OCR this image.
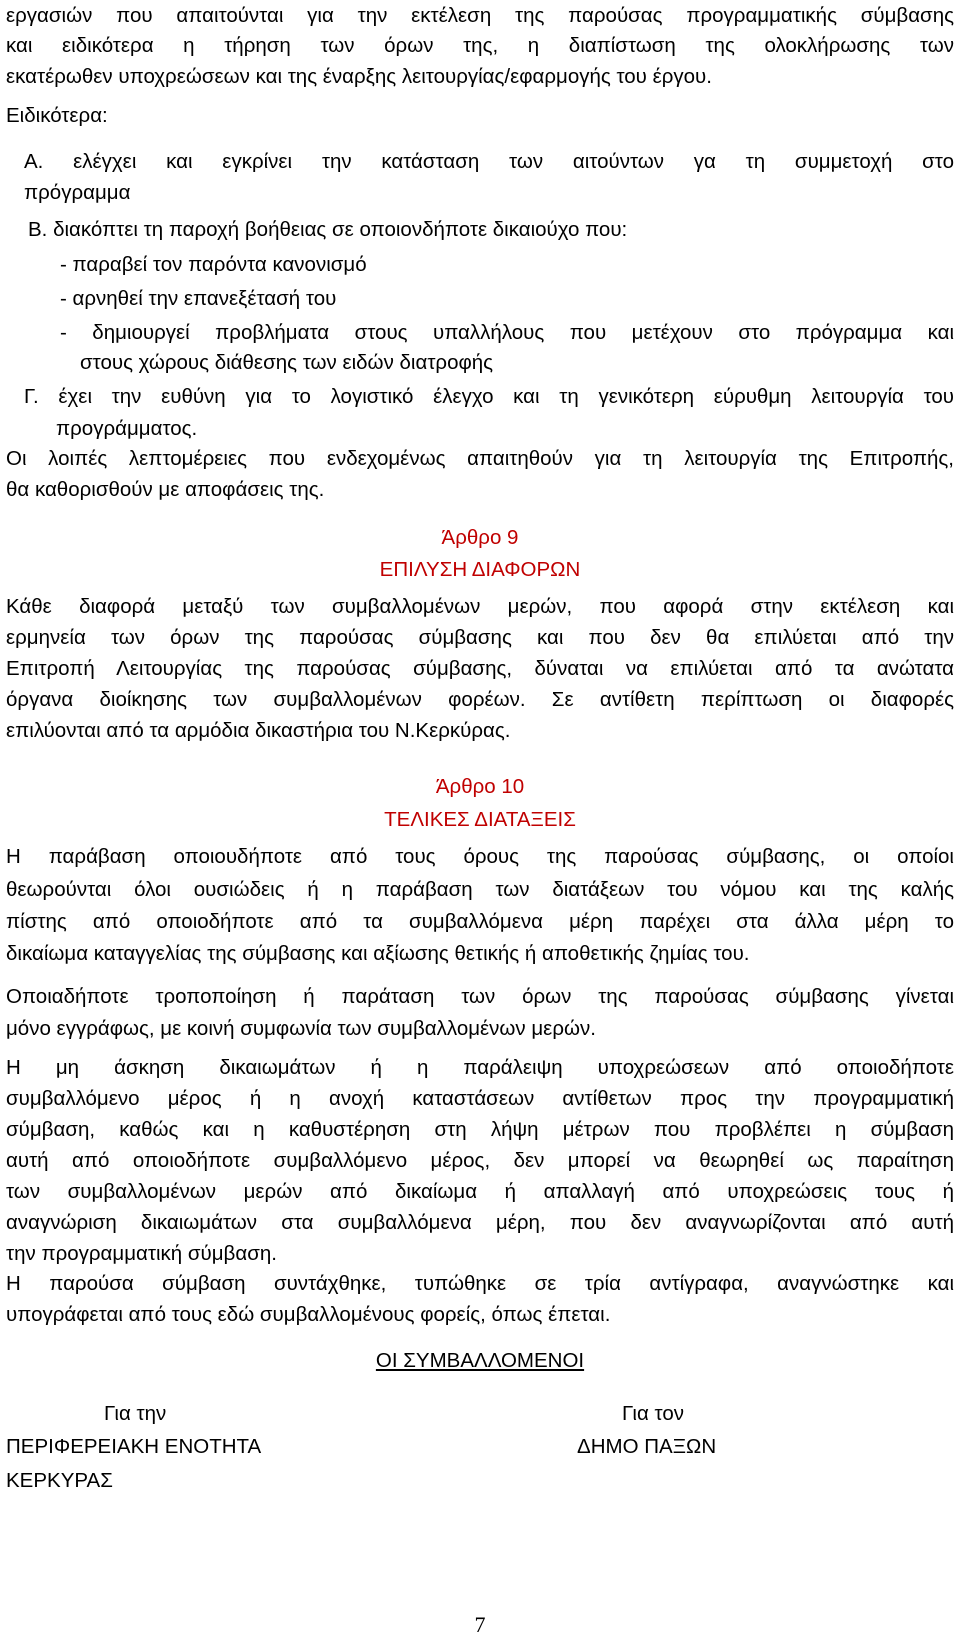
εργασιών που απαιτούνται για την εκτέλεση της παρούσας προγραμματικής σύμβασης
και ειδικότερα η τήρηση των όρων της, η διαπίστωση της ολοκλήρωσης των
εκατέρωθεν υποχρεώσεων και της έναρξης λειτουργίας/εφαρμογής του έργου.
Ειδικότερα:
Α. ελέγχει και εγκρίνει την κατάσταση των αιτούντων γα τη συμμετοχή στο
πρόγραμμα
Β. διακόπτει τη παροχή βοήθειας σε οποιονδήποτε δικαιούχο που:
- παραβεί τον παρόντα κανονισμό
- αρνηθεί την επανεξέτασή του
- δημιουργεί προβλήματα στους υπαλλήλους που μετέχουν στο πρόγραμμα και
στους χώρους διάθεσης των ειδών διατροφής
Γ. έχει την ευθύνη για το λογιστικό έλεγχο και τη γενικότερη εύρυθμη λειτουργία του
προγράμματος.
Οι λοιπές λεπτομέρειες που ενδεχομένως απαιτηθούν για τη λειτουργία της Επιτροπής,
θα καθορισθούν με αποφάσεις της.
Άρθρο 9
ΕΠΙΛΥΣΗ ΔΙΑΦΟΡΩΝ
Κάθε διαφορά μεταξύ των συμβαλλομένων μερών, που αφορά στην εκτέλεση και
ερμηνεία των όρων της παρούσας σύμβασης και που δεν θα επιλύεται από την
Επιτροπή Λειτουργίας της παρούσας σύμβασης, δύναται να επιλύεται από τα ανώτατα
όργανα διοίκησης των συμβαλλομένων φορέων. Σε αντίθετη περίπτωση οι διαφορές
επιλύονται από τα αρμόδια δικαστήρια του Ν.Κερκύρας.
Άρθρο 10
ΤΕΛΙΚΕΣ ΔΙΑΤΑΞΕΙΣ
Η παράβαση οποιουδήποτε από τους όρους της παρούσας σύμβασης, οι οποίοι
θεωρούνται όλοι ουσιώδεις ή η παράβαση των διατάξεων του νόμου και της καλής
πίστης από οποιοδήποτε από τα συμβαλλόμενα μέρη παρέχει στα άλλα μέρη το
δικαίωμα καταγγελίας της σύμβασης και αξίωσης θετικής ή αποθετικής ζημίας του.
Οποιαδήποτε τροποποίηση ή παράταση των όρων της παρούσας σύμβασης γίνεται
μόνο εγγράφως, με κοινή συμφωνία των συμβαλλομένων μερών.
Η μη άσκηση δικαιωμάτων ή η παράλειψη υποχρεώσεων από οποιοδήποτε
συμβαλλόμενο μέρος ή η ανοχή καταστάσεων αντίθετων προς την προγραμματική
σύμβαση, καθώς και η καθυστέρηση στη λήψη μέτρων που προβλέπει η σύμβαση
αυτή από οποιοδήποτε συμβαλλόμενο μέρος, δεν μπορεί να θεωρηθεί ως παραίτηση
των συμβαλλομένων μερών από δικαίωμα ή απαλλαγή από υποχρεώσεις τους ή
αναγνώριση δικαιωμάτων στα συμβαλλόμενα μέρη, που δεν αναγνωρίζονται από αυτή
την προγραμματική σύμβαση.
Η παρούσα σύμβαση συντάχθηκε, τυπώθηκε σε τρία αντίγραφα, αναγνώστηκε και
υπογράφεται από τους εδώ συμβαλλομένους φορείς, όπως έπεται.
ΟΙ ΣΥΜΒΑΛΛΟΜΕΝΟΙ
Για την
ΠΕΡΙΦΕΡΕΙΑΚΗ ΕΝΟΤΗΤΑ
ΚΕΡΚΥΡΑΣ
Για τον
ΔΗΜΟ ΠΑΞΩΝ
7
